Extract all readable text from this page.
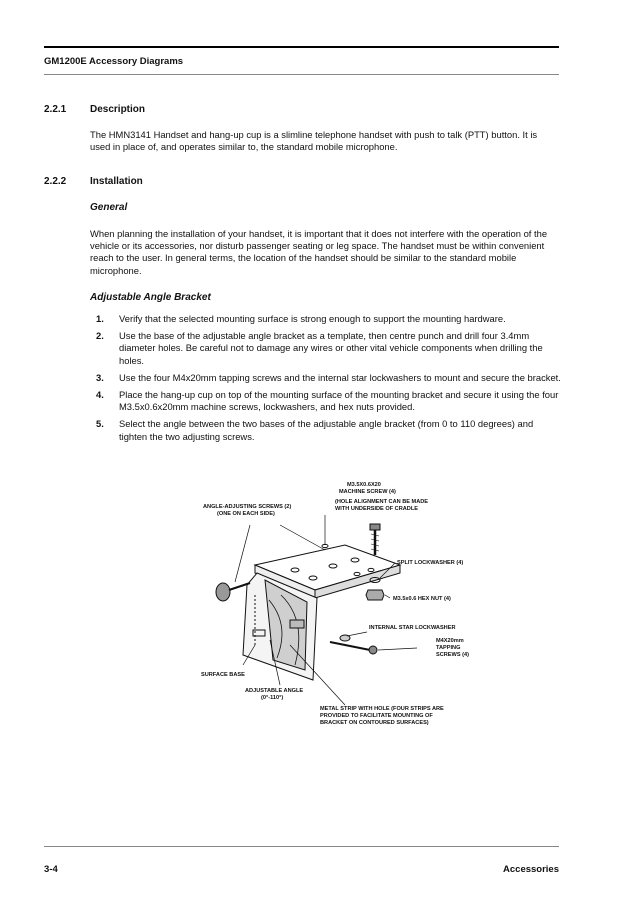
GM1200E Accessory Diagrams
2.2.1 Description

The HMN3141 Handset and hang-up cup is a slimline telephone handset with push to talk (PTT) button. It is used in place of, and operates similar to, the standard mobile microphone.

2.2.2 Installation
General

When planning the installation of your handset, it is important that it does not interfere with the operation of the vehicle or its accessories, nor disturb passenger seating or leg space. The handset must be within convenient reach to the user. In general terms, the location of the handset should be similar to the standard mobile microphone.

Adjustable Angle Bracket
1. Verify that the selected mounting surface is strong enough to support the mounting hardware.
2. Use the base of the adjustable angle bracket as a template, then centre punch and drill four 3.4mm diameter holes. Be careful not to damage any wires or other vital vehicle components when drilling the holes.
3. Use the four M4x20mm tapping screws and the internal star lockwashers to mount and secure the bracket.
4. Place the hang-up cup on top of the mounting surface of the mounting bracket and secure it using the four M3.5x0.6x20mm machine screws, lockwashers, and hex nuts provided.
5. Select the angle between the two bases of the adjustable angle bracket (from 0 to 110 degrees) and tighten the two adjusting screws.
M3.5X0.6X20
MACHINE SCREW (4)
(HOLE ALIGNMENT CAN BE MADE
WITH UNDERSIDE OF CRADLE
ANGLE-ADJUSTING SCREWS (2)
(ONE ON EACH SIDE)
SPLIT LOCKWASHER (4)
M3.5x0.6 HEX NUT (4)
INTERNAL STAR LOCKWASHER
M4X20mm
TAPPING
SCREWS (4)
SURFACE BASE
ADJUSTABLE ANGLE
(0°-110°)
METAL STRIP WITH HOLE (FOUR STRIPS ARE
PROVIDED TO FACILITATE MOUNTING OF
BRACKET ON CONTOURED SURFACES)
3-4	Accessories
